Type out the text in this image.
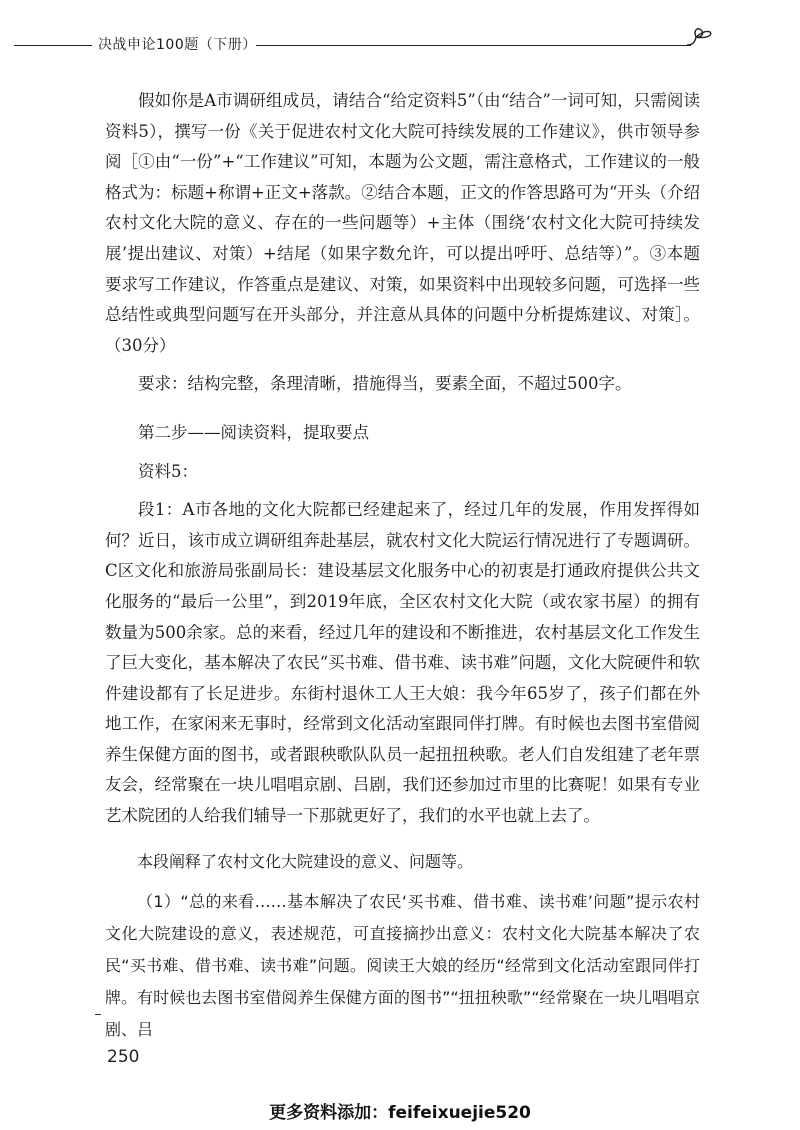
决战申论100题（下册）

假如你是A市调研组成员，请结合“给定资料5”（由“结合”一词可知，只需阅读资料5），撰写一份《关于促进农村文化大院可持续发展的工作建议》，供市领导参阅［①由“一份”+“工作建议”可知，本题为公文题，需注意格式，工作建议的一般格式为：标题+称谓+正文+落款。②结合本题，正文的作答思路可为“开头（介绍农村文化大院的意义、存在的一些问题等）+主体（围绕‘农村文化大院可持续发展’提出建议、对策）+结尾（如果字数允许，可以提出呼吁、总结等）”。③本题要求写工作建议，作答重点是建议、对策，如果资料中出现较多问题，可选择一些总结性或典型问题写在开头部分，并注意从具体的问题中分析提炼建议、对策］。（30分）

要求：结构完整，条理清晰，措施得当，要素全面，不超过500字。

第二步——阅读资料，提取要点

资料5：

段1：A市各地的文化大院都已经建起来了，经过几年的发展，作用发挥得如何？近日，该市成立调研组奔赴基层，就农村文化大院运行情况进行了专题调研。C区文化和旅游局张副局长：建设基层文化服务中心的初衷是打通政府提供公共文化服务的“最后一公里”，到2019年底，全区农村文化大院（或农家书屋）的拥有数量为500余家。总的来看，经过几年的建设和不断推进，农村基层文化工作发生了巨大变化，基本解决了农民“买书难、借书难、读书难”问题，文化大院硬件和软件建设都有了长足进步。东街村退休工人王大娘：我今年65岁了，孩子们都在外地工作，在家闲来无事时，经常到文化活动室跟同伴打牌。有时候也去图书室借阅养生保健方面的图书，或者跟秧歌队队员一起扭扭秧歌。老人们自发组建了老年票友会，经常聚在一块儿唱唱京剧、吕剧，我们还参加过市里的比赛呢！如果有专业艺术院团的人给我们辅导一下那就更好了，我们的水平也就上去了。

本段阐释了农村文化大院建设的意义、问题等。

（1）“总的来看……基本解决了农民‘买书难、借书难、读书难’问题”提示农村文化大院建设的意义，表述规范，可直接摘抄出意义：农村文化大院基本解决了农民“买书难、借书难、读书难”问题。阅读王大娘的经历“经常到文化活动室跟同伴打牌。有时候也去图书室借阅养生保健方面的图书”“扭扭秧歌”“经常聚在一块儿唱唱京剧、吕

250
更多资料添加：feifeixuejie520
